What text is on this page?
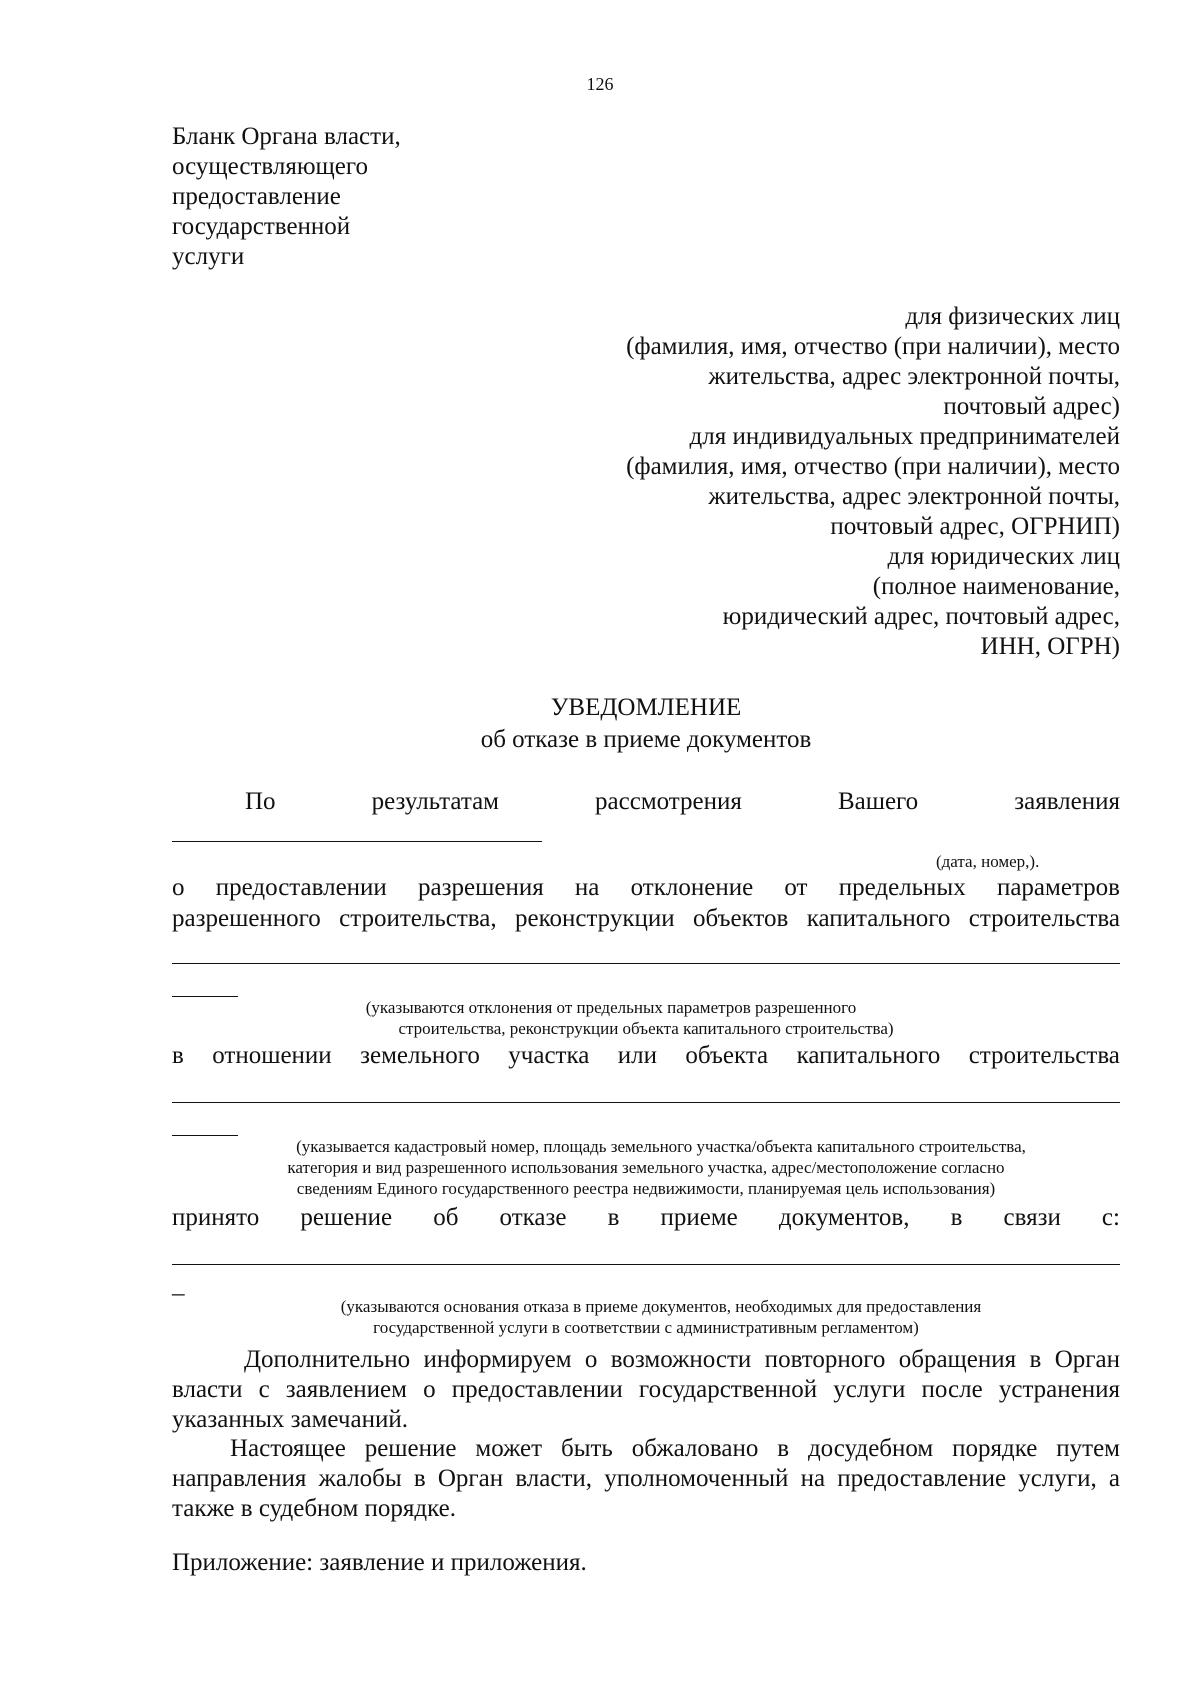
126
Бланк Органа власти,
осуществляющего
предоставление
государственной
услуги
для физических лиц
(фамилия, имя, отчество (при наличии), место
жительства, адрес электронной почты,
почтовый адрес)
для индивидуальных предпринимателей
(фамилия, имя, отчество (при наличии), место
жительства, адрес электронной почты,
почтовый адрес, ОГРНИП)
для юридических лиц
(полное наименование,
юридический адрес, почтовый адрес,
ИНН, ОГРН)
УВЕДОМЛЕНИЕ
об отказе в приеме документов
По	результатам	рассмотрения	Вашего	заявления
(дата, номер,).
о предоставлении разрешения на отклонение от предельных параметров
разрешенного строительства, реконструкции объектов капитального строительства
(указываются отклонения от предельных параметров разрешенного
строительства, реконструкции объекта капитального строительства)
в отношении земельного участка или объекта капитального строительства
(указывается кадастровый номер, площадь земельного участка/объекта капитального строительства,
категория и вид разрешенного использования земельного участка, адрес/местоположение согласно
сведениям Единого государственного реестра недвижимости, планируемая цель использования)
принято решение об отказе в приеме документов, в связи с:
_
(указываются основания отказа в приеме документов, необходимых для предоставления
государственной услуги в соответствии с административным регламентом)
Дополнительно информируем о возможности повторного обращения в Орган
власти с заявлением о предоставлении государственной услуги после устранения
указанных замечаний.
Настоящее решение может быть обжаловано в досудебном порядке путем
направления жалобы в Орган власти, уполномоченный на предоставление услуги, а
также в судебном порядке.
Приложение: заявление и приложения.
